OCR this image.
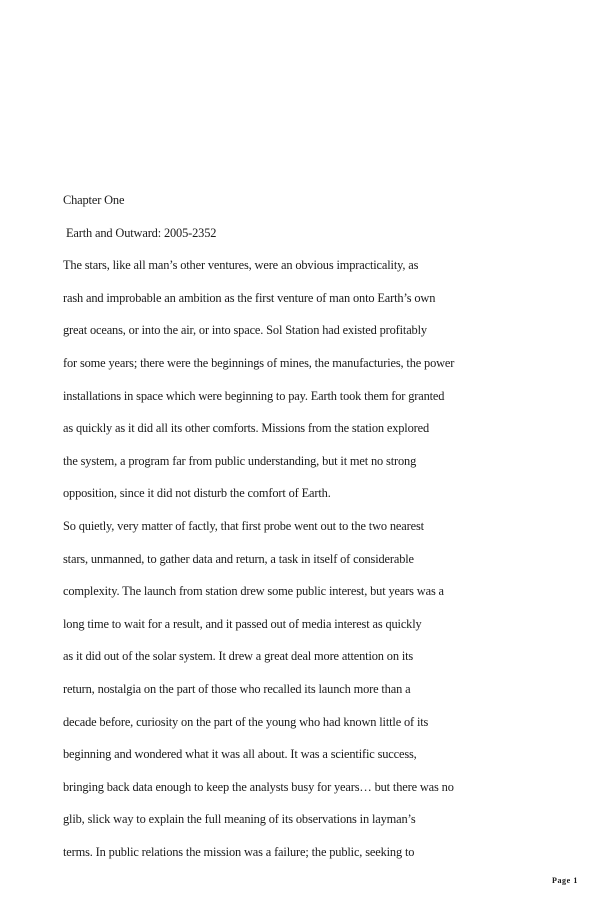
Chapter One
Earth and Outward: 2005-2352
The stars, like all man’s other ventures, were an obvious impracticality, as
rash and improbable an ambition as the first venture of man onto Earth’s own
great oceans, or into the air, or into space. Sol Station had existed profitably
for some years; there were the beginnings of mines, the manufacturies, the power
installations in space which were beginning to pay. Earth took them for granted
as quickly as it did all its other comforts. Missions from the station explored
the system, a program far from public understanding, but it met no strong
opposition, since it did not disturb the comfort of Earth.
So quietly, very matter of factly, that first probe went out to the two nearest
stars, unmanned, to gather data and return, a task in itself of considerable
complexity. The launch from station drew some public interest, but years was a
long time to wait for a result, and it passed out of media interest as quickly
as it did out of the solar system. It drew a great deal more attention on its
return, nostalgia on the part of those who recalled its launch more than a
decade before, curiosity on the part of the young who had known little of its
beginning and wondered what it was all about. It was a scientific success,
bringing back data enough to keep the analysts busy for years… but there was no
glib, slick way to explain the full meaning of its observations in layman’s
terms. In public relations the mission was a failure; the public, seeking to
Page 1
